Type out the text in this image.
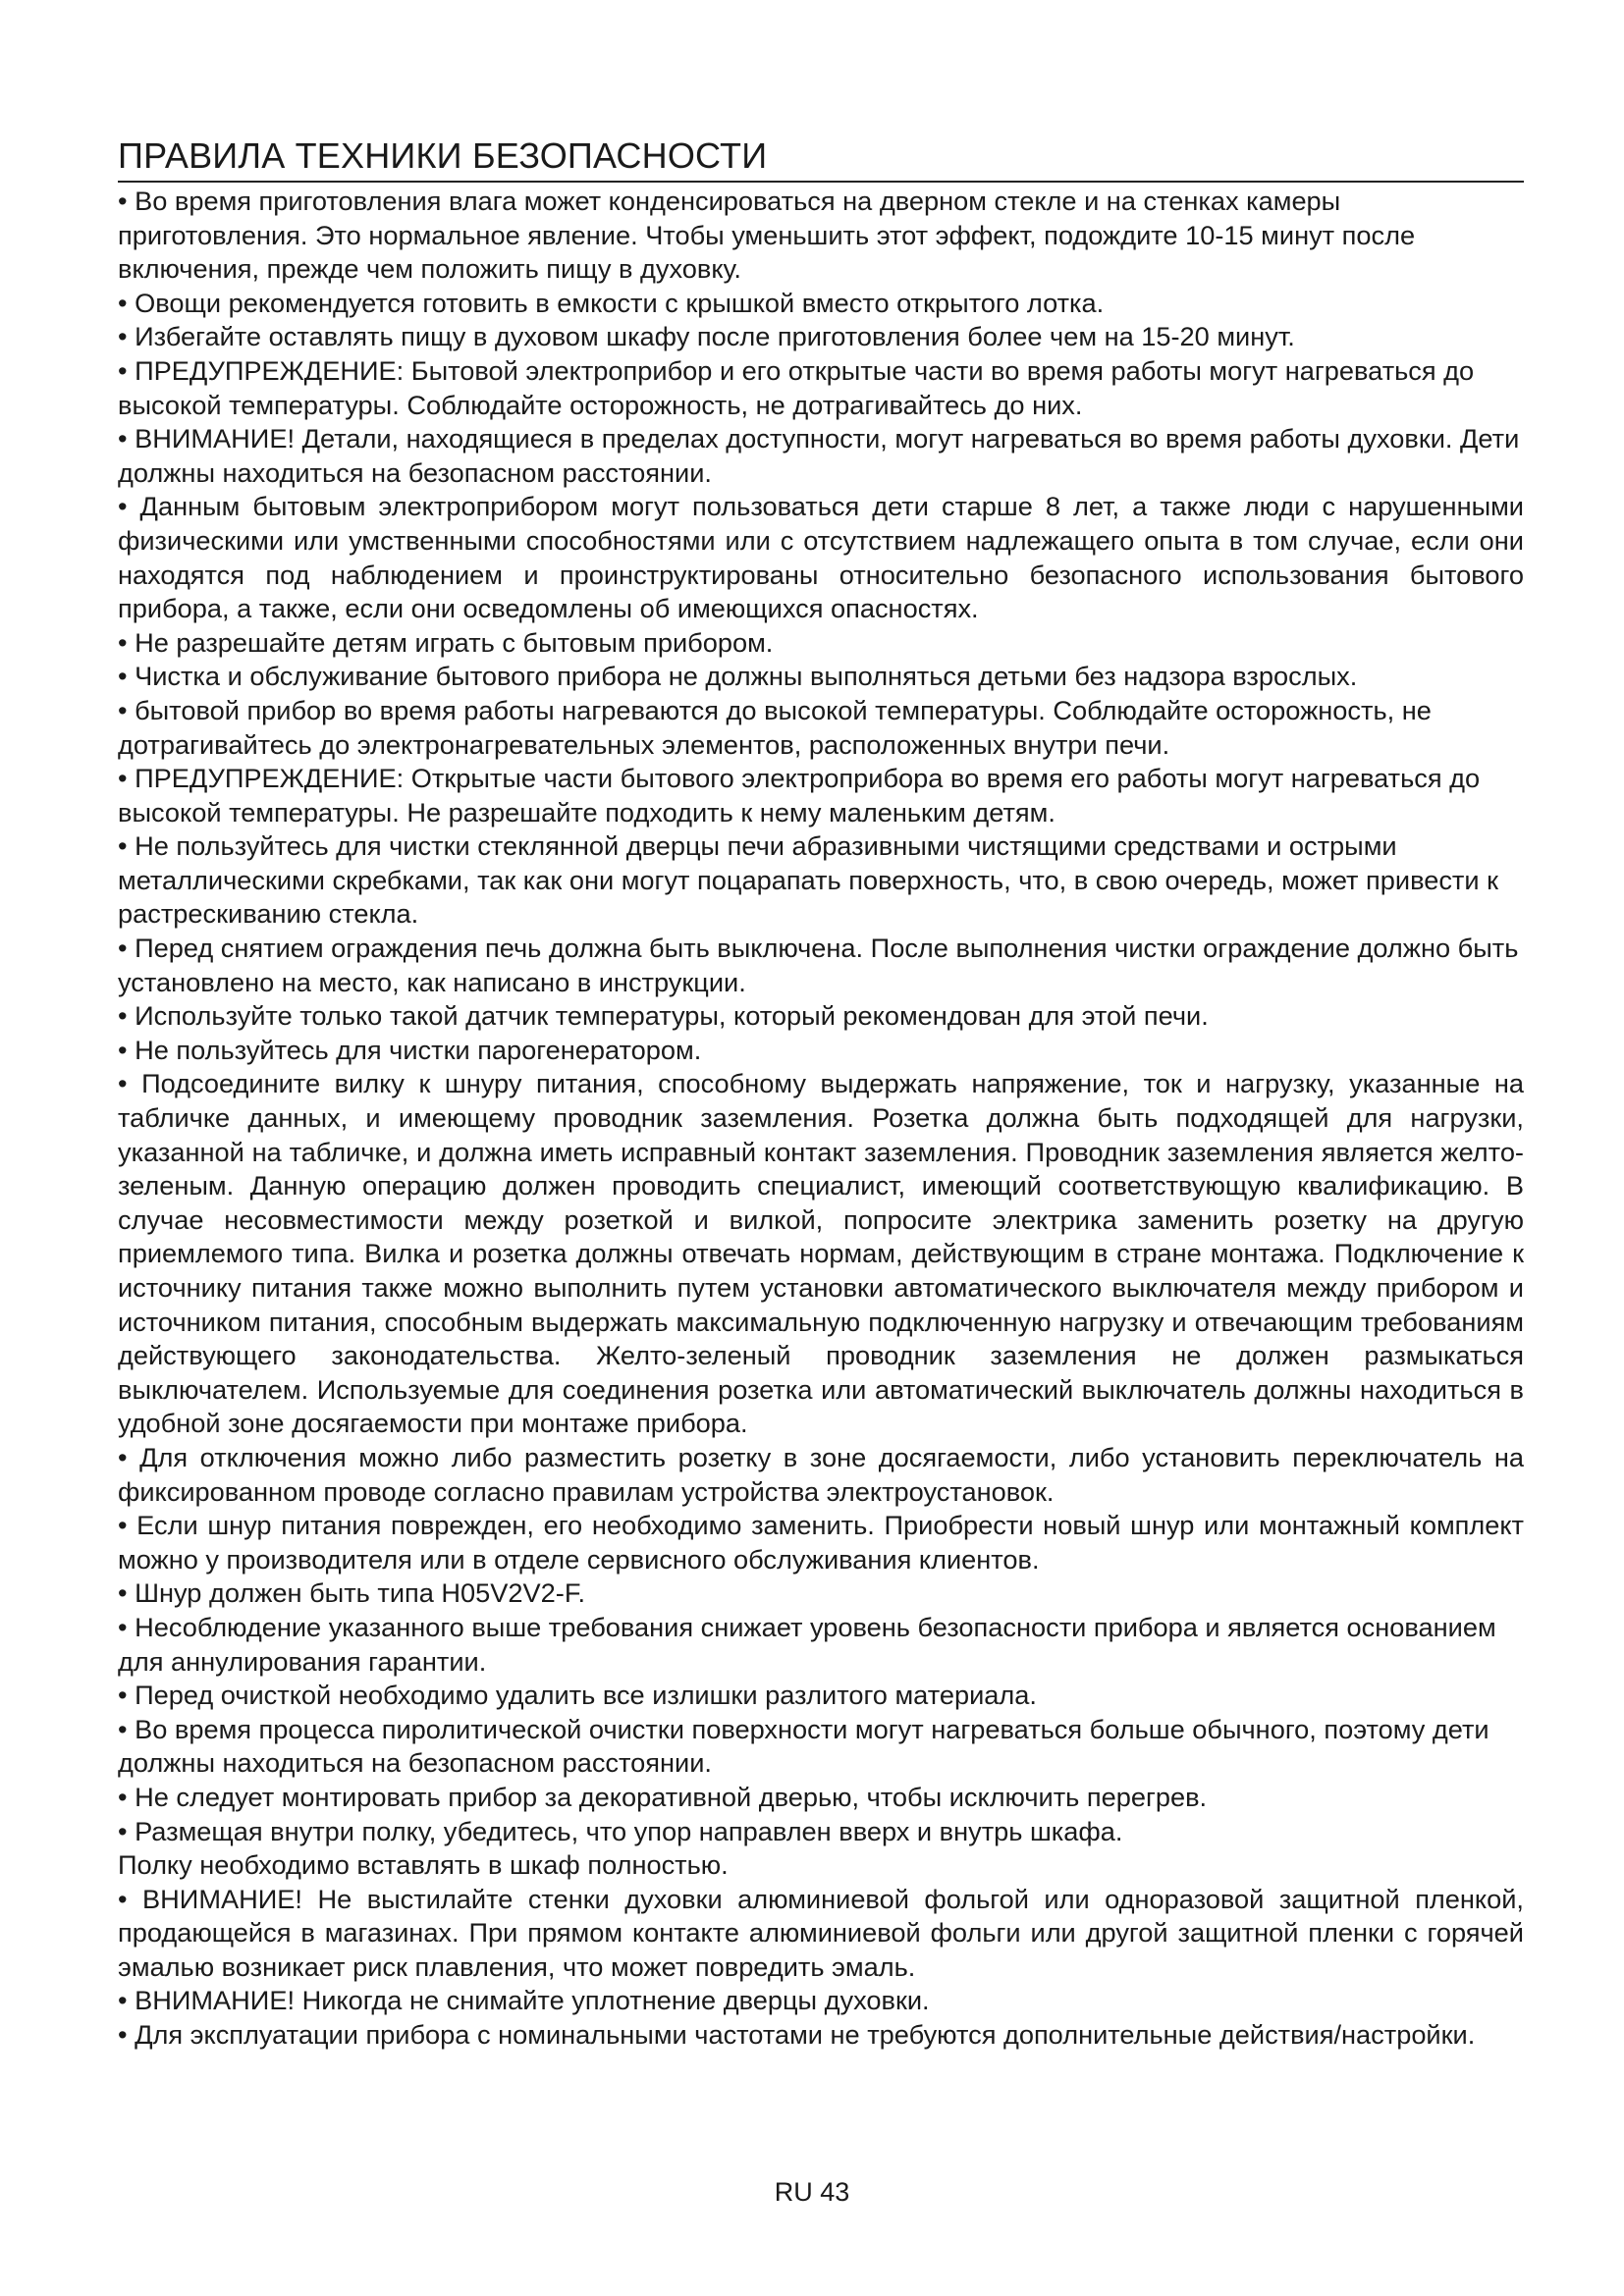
ПРАВИЛА ТЕХНИКИ БЕЗОПАСНОСТИ

• Во время приготовления влага может конденсироваться на дверном стекле и на стенках камеры приготовления. Это нормальное явление. Чтобы уменьшить этот эффект, подождите 10-15 минут после включения, прежде чем положить пищу в духовку.

• Овощи рекомендуется готовить в емкости с крышкой вместо открытого лотка.

• Избегайте оставлять пищу в духовом шкафу после приготовления более чем на 15-20 минут.

• ПРЕДУПРЕЖДЕНИЕ: Бытовой электроприбор и его открытые части во время работы могут нагреваться до высокой температуры. Соблюдайте осторожность, не дотрагивайтесь до них.

• ВНИМАНИЕ! Детали, находящиеся в пределах доступности, могут нагреваться во время работы духовки. Дети должны находиться на безопасном расстоянии.

• Данным бытовым электроприбором могут пользоваться дети старше 8 лет, а также люди с нарушенными физическими или умственными способностями или с отсутствием надлежащего опыта в том случае, если они находятся под наблюдением и проинструктированы относительно безопасного использования бытового прибора, а также, если они осведомлены об имеющихся опасностях.

• Не разрешайте детям играть с бытовым прибором.

• Чистка и обслуживание бытового прибора не должны выполняться детьми без надзора взрослых.

• бытовой прибор во время работы нагреваются до высокой температуры. Соблюдайте осторожность, не дотрагивайтесь до электронагревательных элементов, расположенных внутри печи.

• ПРЕДУПРЕЖДЕНИЕ: Открытые части бытового электроприбора во время его работы могут нагреваться до высокой температуры. Не разрешайте подходить к нему маленьким детям.

• Не пользуйтесь для чистки стеклянной дверцы печи абразивными чистящими средствами и острыми металлическими скребками, так как они могут поцарапать поверхность, что, в свою очередь, может привести к растрескиванию стекла.

• Перед снятием ограждения печь должна быть выключена. После выполнения чистки ограждение должно быть установлено на место, как написано в инструкции.

• Используйте только такой датчик температуры, который рекомендован для этой печи.

• Не пользуйтесь для чистки парогенератором.

• Подсоедините вилку к шнуру питания, способному выдержать напряжение, ток и нагрузку, указанные на табличке данных, и имеющему проводник заземления. Розетка должна быть подходящей для нагрузки, указанной на табличке, и должна иметь исправный контакт заземления. Проводник заземления является желто-зеленым. Данную операцию должен проводить специалист, имеющий соответствующую квалификацию. В случае несовместимости между розеткой и вилкой, попросите электрика заменить розетку на другую приемлемого типа. Вилка и розетка должны отвечать нормам, действующим в стране монтажа. Подключение к источнику питания также можно выполнить путем установки автоматического выключателя между прибором и источником питания, способным выдержать максимальную подключенную нагрузку и отвечающим требованиям действующего законодательства. Желто-зеленый проводник заземления не должен размыкаться выключателем. Используемые для соединения розетка или автоматический выключатель должны находиться в удобной зоне досягаемости при монтаже прибора.

• Для отключения можно либо разместить розетку в зоне досягаемости, либо установить переключатель на фиксированном проводе согласно правилам устройства электроустановок.

• Если шнур питания поврежден, его необходимо заменить. Приобрести новый шнур или монтажный комплект можно у производителя или в отделе сервисного обслуживания клиентов.

• Шнур должен быть типа H05V2V2-F.

• Несоблюдение указанного выше требования снижает уровень безопасности прибора и является основанием для аннулирования гарантии.

• Перед очисткой необходимо удалить все излишки разлитого материала.

• Во время процесса пиролитической очистки поверхности могут нагреваться больше обычного, поэтому дети должны находиться на безопасном расстоянии.

• Не следует монтировать прибор за декоративной дверью, чтобы исключить перегрев.

• Размещая внутри полку, убедитесь, что упор направлен вверх и внутрь шкафа.

Полку необходимо вставлять в шкаф полностью.

• ВНИМАНИЕ! Не выстилайте стенки духовки алюминиевой фольгой или одноразовой защитной пленкой, продающейся в магазинах. При прямом контакте алюминиевой фольги или другой защитной пленки с горячей эмалью возникает риск плавления, что может повредить эмаль.

• ВНИМАНИЕ! Никогда не снимайте уплотнение дверцы духовки.

• Для эксплуатации прибора с номинальными частотами не требуются дополнительные действия/настройки.

RU 43
